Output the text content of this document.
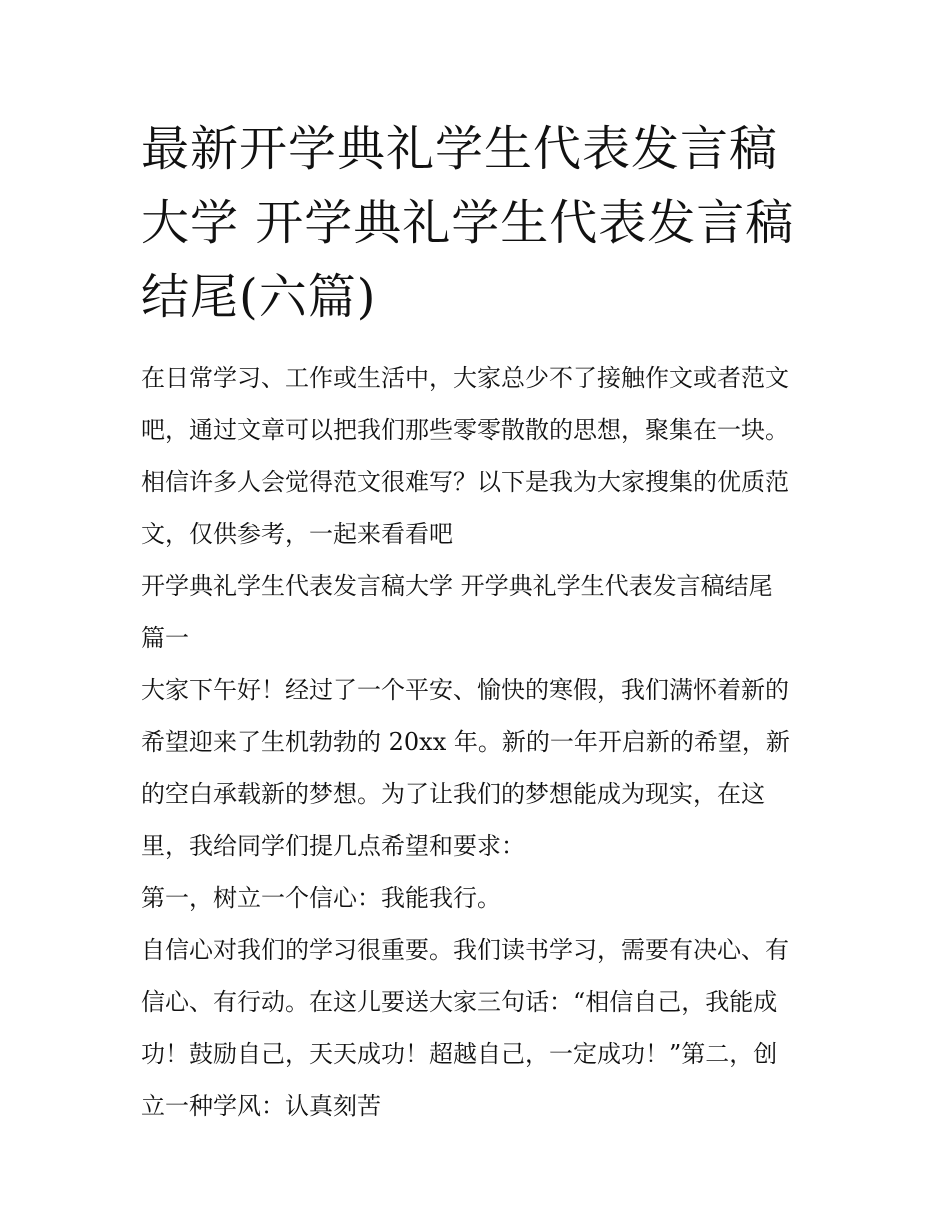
最新开学典礼学生代表发言稿
大学 开学典礼学生代表发言稿
结尾(六篇)

在日常学习、工作或生活中，大家总少不了接触作文或者范文
吧，通过文章可以把我们那些零零散散的思想，聚集在一块。
相信许多人会觉得范文很难写？以下是我为大家搜集的优质范
文，仅供参考，一起来看看吧

开学典礼学生代表发言稿大学 开学典礼学生代表发言稿结尾
篇一

大家下午好！经过了一个平安、愉快的寒假，我们满怀着新的
希望迎来了生机勃勃的 20xx 年。新的一年开启新的希望，新
的空白承载新的梦想。为了让我们的梦想能成为现实，在这
里，我给同学们提几点希望和要求：

第一，树立一个信心：我能我行。

自信心对我们的学习很重要。我们读书学习，需要有决心、有
信心、有行动。在这儿要送大家三句话：“相信自己，我能成
功！鼓励自己，天天成功！超越自己，一定成功！”第二，创
立一种学风：认真刻苦
